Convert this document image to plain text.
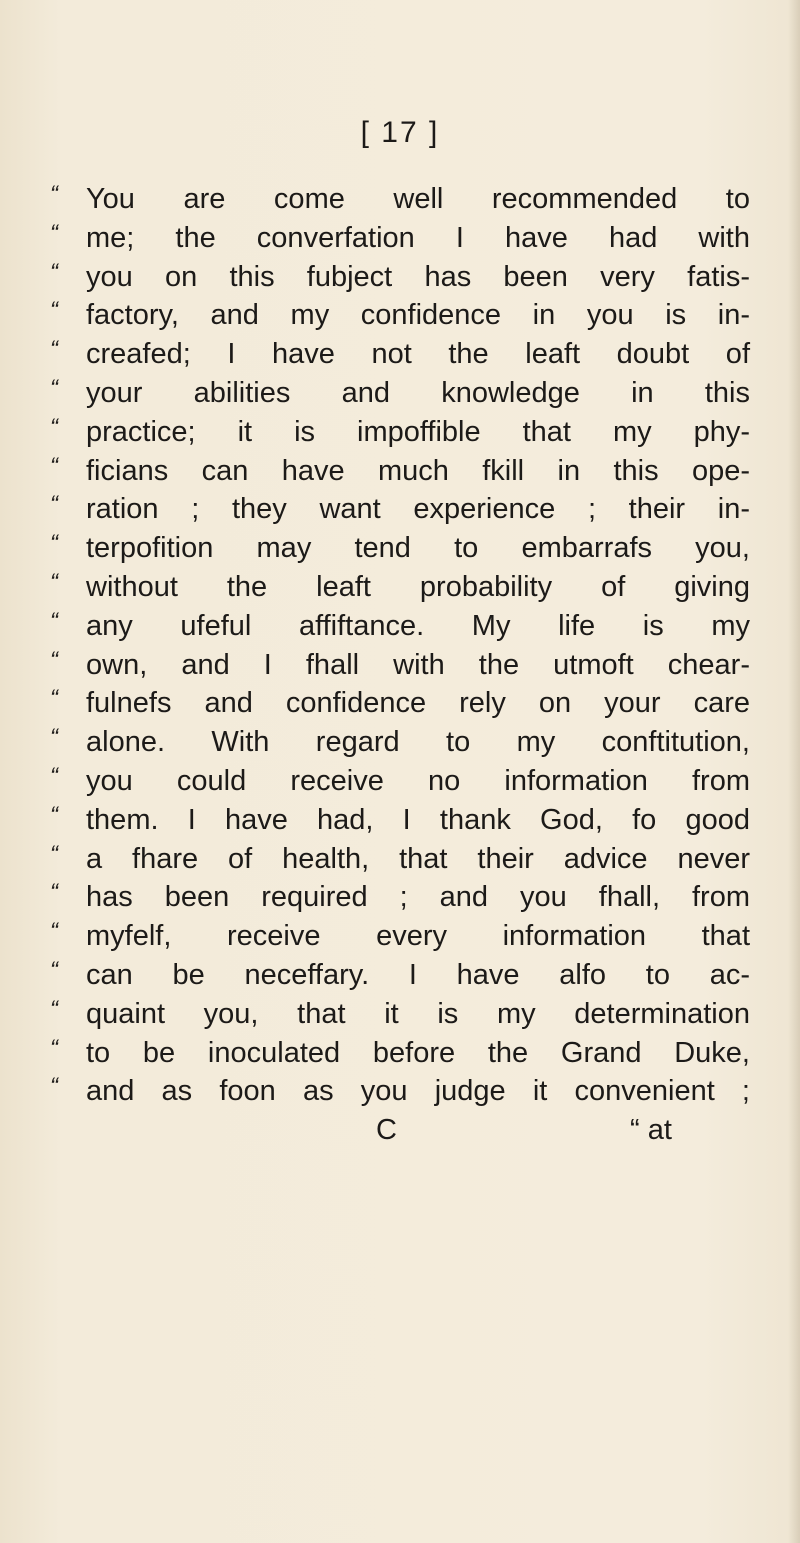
[ 17 ]
“ You are come well recommended to
“ me; the converfation I have had with
“ you on this fubject has been very fatis-
“ factory, and my confidence in you is in-
“ creafed; I have not the leaft doubt of
“ your abilities and knowledge in this
“ practice; it is impoffible that my phy-
“ ficians can have much fkill in this ope-
“ ration ; they want experience ; their in-
“ terpofition may tend to embarrafs you,
“ without the leaft probability of giving
“ any ufeful affiftance. My life is my
“ own, and I fhall with the utmoft chear-
“ fulnefs and confidence rely on your care
“ alone. With regard to my conftitution,
“ you could receive no information from
“ them. I have had, I thank God, fo good
“ a fhare of health, that their advice never
“ has been required ; and you fhall, from
“ myfelf, receive every information that
“ can be neceffary. I have alfo to ac-
“ quaint you, that it is my determination
“ to be inoculated before the Grand Duke,
“ and as foon as you judge it convenient ;
C	“ at
